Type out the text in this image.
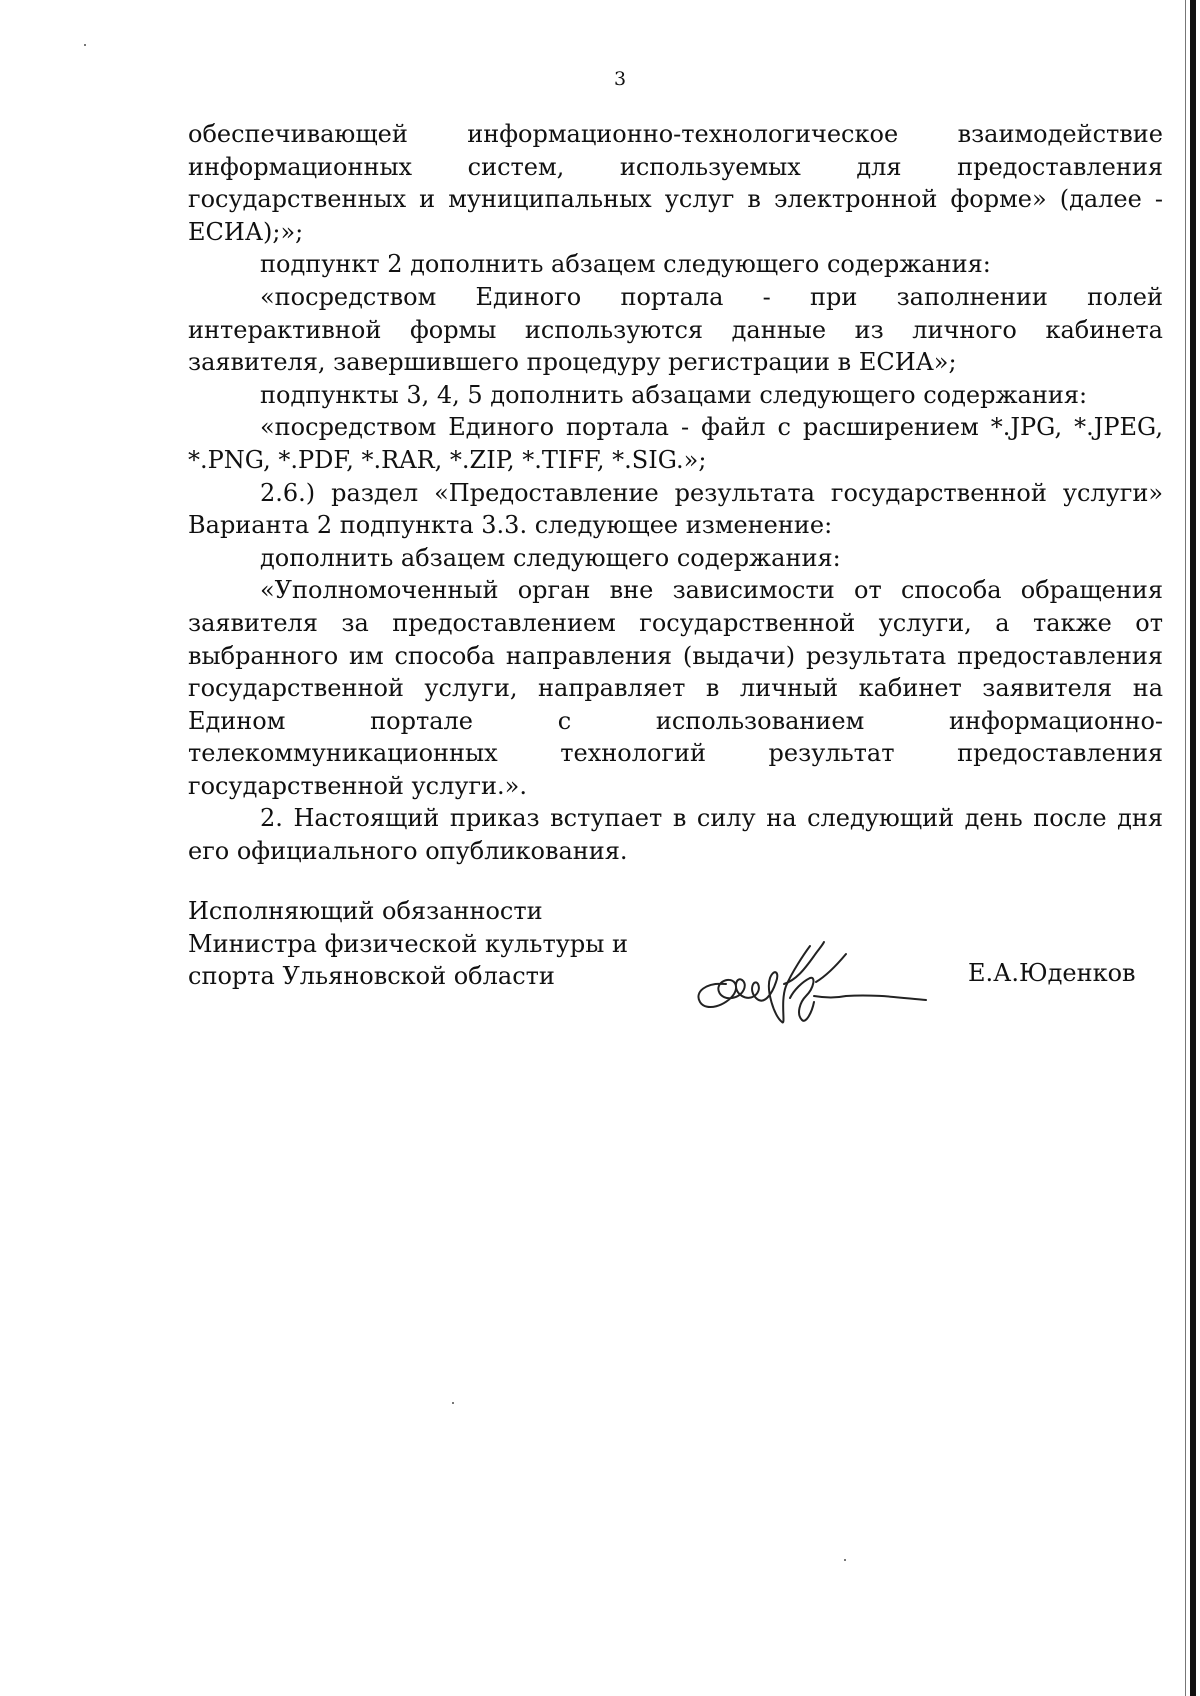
3

обеспечивающей информационно-технологическое взаимодействие информационных систем, используемых для предоставления государственных и муниципальных услуг в электронной форме» (далее - ЕСИА);»;

подпункт 2 дополнить абзацем следующего содержания:

«посредством Единого портала - при заполнении полей интерактивной формы используются данные из личного кабинета заявителя, завершившего процедуру регистрации в ЕСИА»;

подпункты 3, 4, 5 дополнить абзацами следующего содержания:

«посредством Единого портала - файл с расширением *.JPG, *.JPEG, *.PNG, *.PDF, *.RAR, *.ZIP, *.TIFF, *.SIG.»;

2.6.) раздел «Предоставление результата государственной услуги» Варианта 2 подпункта 3.3. следующее изменение:

дополнить абзацем следующего содержания:

«Уполномоченный орган вне зависимости от способа обращения заявителя за предоставлением государственной услуги, а также от выбранного им способа направления (выдачи) результата предоставления государственной услуги, направляет в личный кабинет заявителя на Едином портале с использованием информационно-телекоммуникационных технологий результат предоставления государственной услуги.».

2. Настоящий приказ вступает в силу на следующий день после дня его официального опубликования.

Исполняющий обязанности
Министра физической культуры и
спорта Ульяновской области	Е.А.Юденков
